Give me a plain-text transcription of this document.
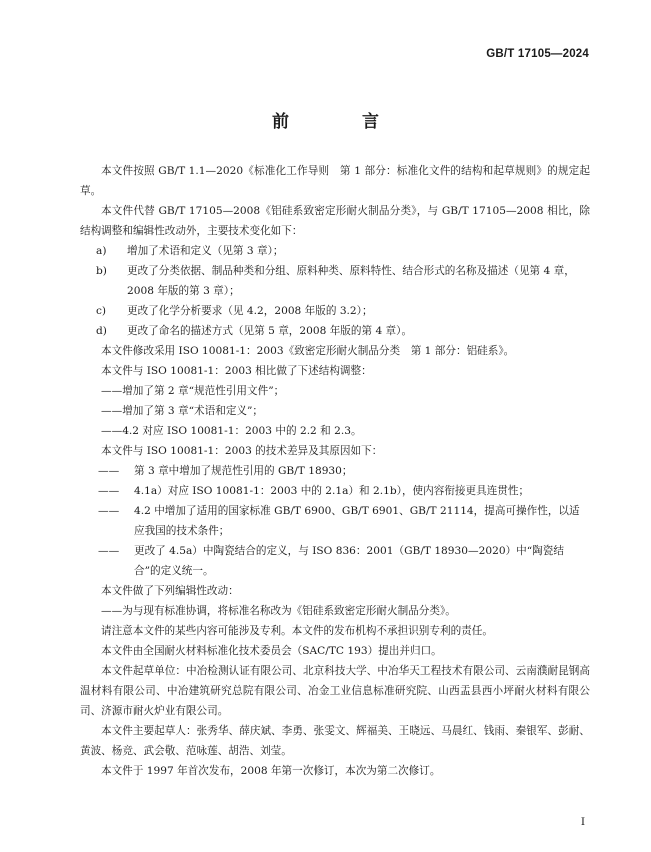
GB/T 17105—2024
前　言

本文件按照 GB/T 1.1—2020《标准化工作导则　第 1 部分：标准化文件的结构和起草规则》的规定起草。

本文件代替 GB/T 17105—2008《铝硅系致密定形耐火制品分类》，与 GB/T 17105—2008 相比，除结构调整和编辑性改动外，主要技术变化如下：

a)	增加了术语和定义（见第 3 章）；
b)	更改了分类依据、制品种类和分组、原料种类、原料特性、结合形式的名称及描述（见第 4 章，2008 年版的第 3 章）；
c)	更改了化学分析要求（见 4.2，2008 年版的 3.2）；
d)	更改了命名的描述方式（见第 5 章，2008 年版的第 4 章）。

本文件修改采用 ISO 10081-1：2003《致密定形耐火制品分类　第 1 部分：铝硅系》。

本文件与 ISO 10081-1：2003 相比做了下述结构调整：

——增加了第 2 章“规范性引用文件”；

——增加了第 3 章“术语和定义”；

——4.2 对应 ISO 10081-1：2003 中的 2.2 和 2.3。

本文件与 ISO 10081-1：2003 的技术差异及其原因如下：

——	第 3 章中增加了规范性引用的 GB/T 18930；
——	4.1a）对应 ISO 10081-1：2003 中的 2.1a）和 2.1b），使内容衔接更具连贯性；
——	4.2 中增加了适用的国家标准 GB/T 6900、GB/T 6901、GB/T 21114，提高可操作性，以适应我国的技术条件；
——	更改了 4.5a）中陶瓷结合的定义，与 ISO 836：2001（GB/T 18930—2020）中“陶瓷结合”的定义统一。

本文件做了下列编辑性改动：

——为与现有标准协调，将标准名称改为《铝硅系致密定形耐火制品分类》。

请注意本文件的某些内容可能涉及专利。本文件的发布机构不承担识别专利的责任。

本文件由全国耐火材料标准化技术委员会（SAC/TC 193）提出并归口。

本文件起草单位：中冶检测认证有限公司、北京科技大学、中冶华天工程技术有限公司、云南濮耐昆钢高温材料有限公司、中冶建筑研究总院有限公司、冶金工业信息标准研究院、山西盂县西小坪耐火材料有限公司、济源市耐火炉业有限公司。

本文件主要起草人：张秀华、薛庆斌、李勇、张雯文、辉福美、王晓远、马晨红、钱雨、秦银军、彭耐、黄波、杨竞、武会敬、范咏莲、胡浩、刘莹。

本文件于 1997 年首次发布，2008 年第一次修订，本次为第二次修订。

I
